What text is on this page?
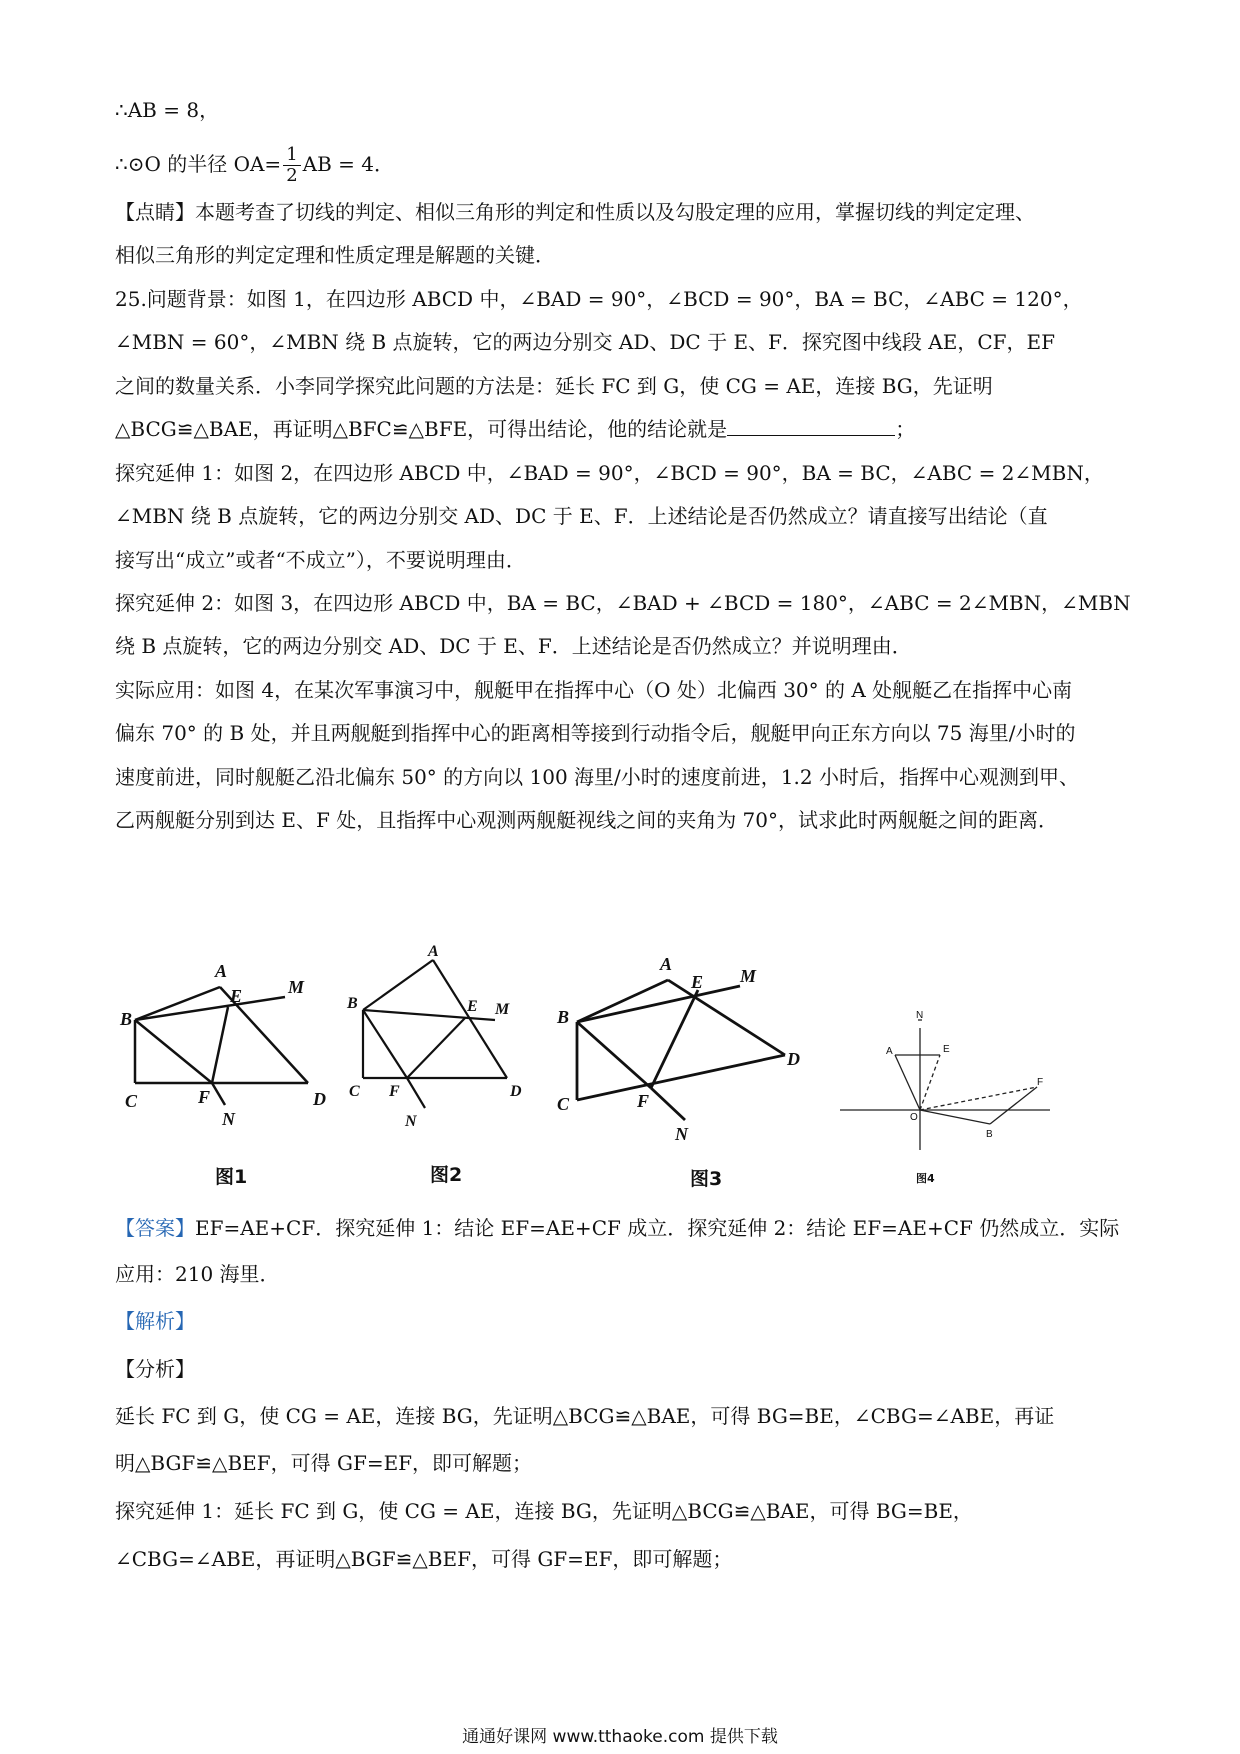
∴AB = 8，
∴⊙O 的半径 $OA= \frac{1}{2}$ AB = 4．
【点睛】本题考查了切线的判定、相似三角形的判定和性质以及勾股定理的应用，掌握切线的判定定理、
相似三角形的判定定理和性质定理是解题的关键．
25.问题背景：如图 1，在四边形 ABCD 中，∠BAD = 90°，∠BCD = 90°，BA = BC，∠ABC = 120°，
∠MBN = 60°，∠MBN 绕 B 点旋转，它的两边分别交 AD、DC 于 E、F．探究图中线段 AE，CF，EF
之间的数量关系．小李同学探究此问题的方法是：延长 FC 到 G，使 CG = AE，连接 BG，先证明
△BCG≌△BAE，再证明△BFC≌△BFE，可得出结论，他的结论就是	；
探究延伸 1：如图 2，在四边形 ABCD 中，∠BAD = 90°，∠BCD = 90°，BA = BC，∠ABC = 2∠MBN，
∠MBN 绕 B 点旋转，它的两边分别交 AD、DC 于 E、F．上述结论是否仍然成立？请直接写出结论（直
接写出“成立”或者“不成立”），不要说明理由．
探究延伸 2：如图 3，在四边形 ABCD 中，BA = BC，∠BAD + ∠BCD = 180°，∠ABC = 2∠MBN，∠MBN
绕 B 点旋转，它的两边分别交 AD、DC 于 E、F．上述结论是否仍然成立？并说明理由．
实际应用：如图 4，在某次军事演习中，舰艇甲在指挥中心（O 处）北偏西 30° 的 A 处舰艇乙在指挥中心南
偏东 70° 的 B 处，并且两舰艇到指挥中心的距离相等接到行动指令后，舰艇甲向正东方向以 75 海里/小时的
速度前进，同时舰艇乙沿北偏东 50° 的方向以 100 海里/小时的速度前进，1.2 小时后，指挥中心观测到甲、
乙两舰艇分别到达 E、F 处，且指挥中心观测两舰艇视线之间的夹角为 70°，试求此时两舰艇之间的距离．
A
B
C	D
E	M
F
N
图1
A
B
C	D
E M
F
N
图2
A
B
C
D
E M
F
N
图3
N
A	E
O
B
F
图4
【答案】EF=AE+CF．探究延伸 1：结论 EF=AE+CF 成立．探究延伸 2：结论 EF=AE+CF 仍然成立．实际
应用：210 海里．
【解析】
【分析】
延长 FC 到 G，使 CG = AE，连接 BG，先证明△BCG≌△BAE，可得 BG=BE，∠CBG=∠ABE，再证
明△BGF≌△BEF，可得 GF=EF，即可解题；
探究延伸 1：延长 FC 到 G，使 CG = AE，连接 BG，先证明△BCG≌△BAE，可得 BG=BE，
∠CBG=∠ABE，再证明△BGF≌△BEF，可得 GF=EF，即可解题；
通通好课网 www.tthaoke.com 提供下载
